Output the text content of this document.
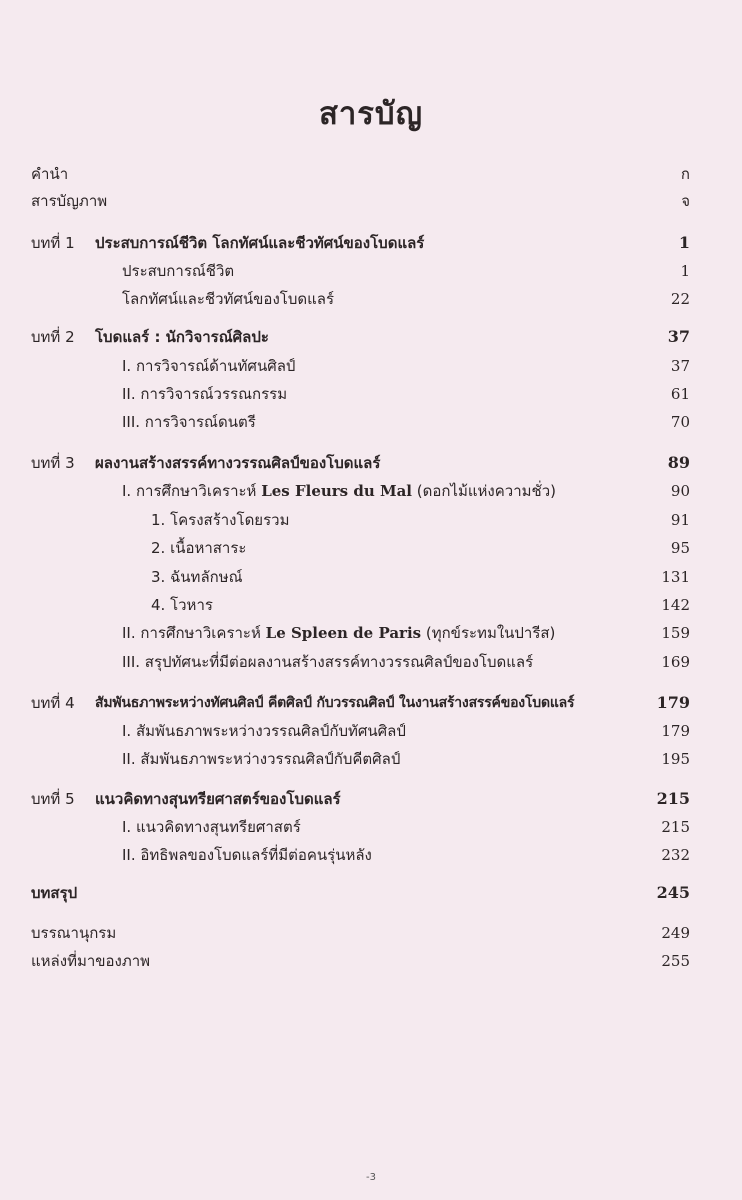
สารบัญ
คำนำ	ก
สารบัญภาพ	จ
บทที่ 1 ประสบการณ์ชีวิต โลกทัศน์และชีวทัศน์ของโบดแลร์	1
ประสบการณ์ชีวิต	1
โลกทัศน์และชีวทัศน์ของโบดแลร์	22
บทที่ 2 โบดแลร์ : นักวิจารณ์ศิลปะ	37
I. การวิจารณ์ด้านทัศนศิลป์	37
II. การวิจารณ์วรรณกรรม	61
III. การวิจารณ์ดนตรี	70
บทที่ 3 ผลงานสร้างสรรค์ทางวรรณศิลป์ของโบดแลร์	89
I. การศึกษาวิเคราะห์ Les Fleurs du Mal (ดอกไม้แห่งความชั่ว)	90
1. โครงสร้างโดยรวม	91
2. เนื้อหาสาระ	95
3. ฉันทลักษณ์	131
4. โวหาร	142
II. การศึกษาวิเคราะห์ Le Spleen de Paris (ทุกข์ระทมในปารีส)	159
III. สรุปทัศนะที่มีต่อผลงานสร้างสรรค์ทางวรรณศิลป์ของโบดแลร์	169
บทที่ 4 สัมพันธภาพระหว่างทัศนศิลป์ คีตศิลป์ กับวรรณศิลป์ ในงานสร้างสรรค์ของโบดแลร์	179
I. สัมพันธภาพระหว่างวรรณศิลป์กับทัศนศิลป์	179
II. สัมพันธภาพระหว่างวรรณศิลป์กับคีตศิลป์	195
บทที่ 5 แนวคิดทางสุนทรียศาสตร์ของโบดแลร์	215
I. แนวคิดทางสุนทรียศาสตร์	215
II. อิทธิพลของโบดแลร์ที่มีต่อคนรุ่นหลัง	232
บทสรุป	245
บรรณานุกรม	249
แหล่งที่มาของภาพ	255
-3
